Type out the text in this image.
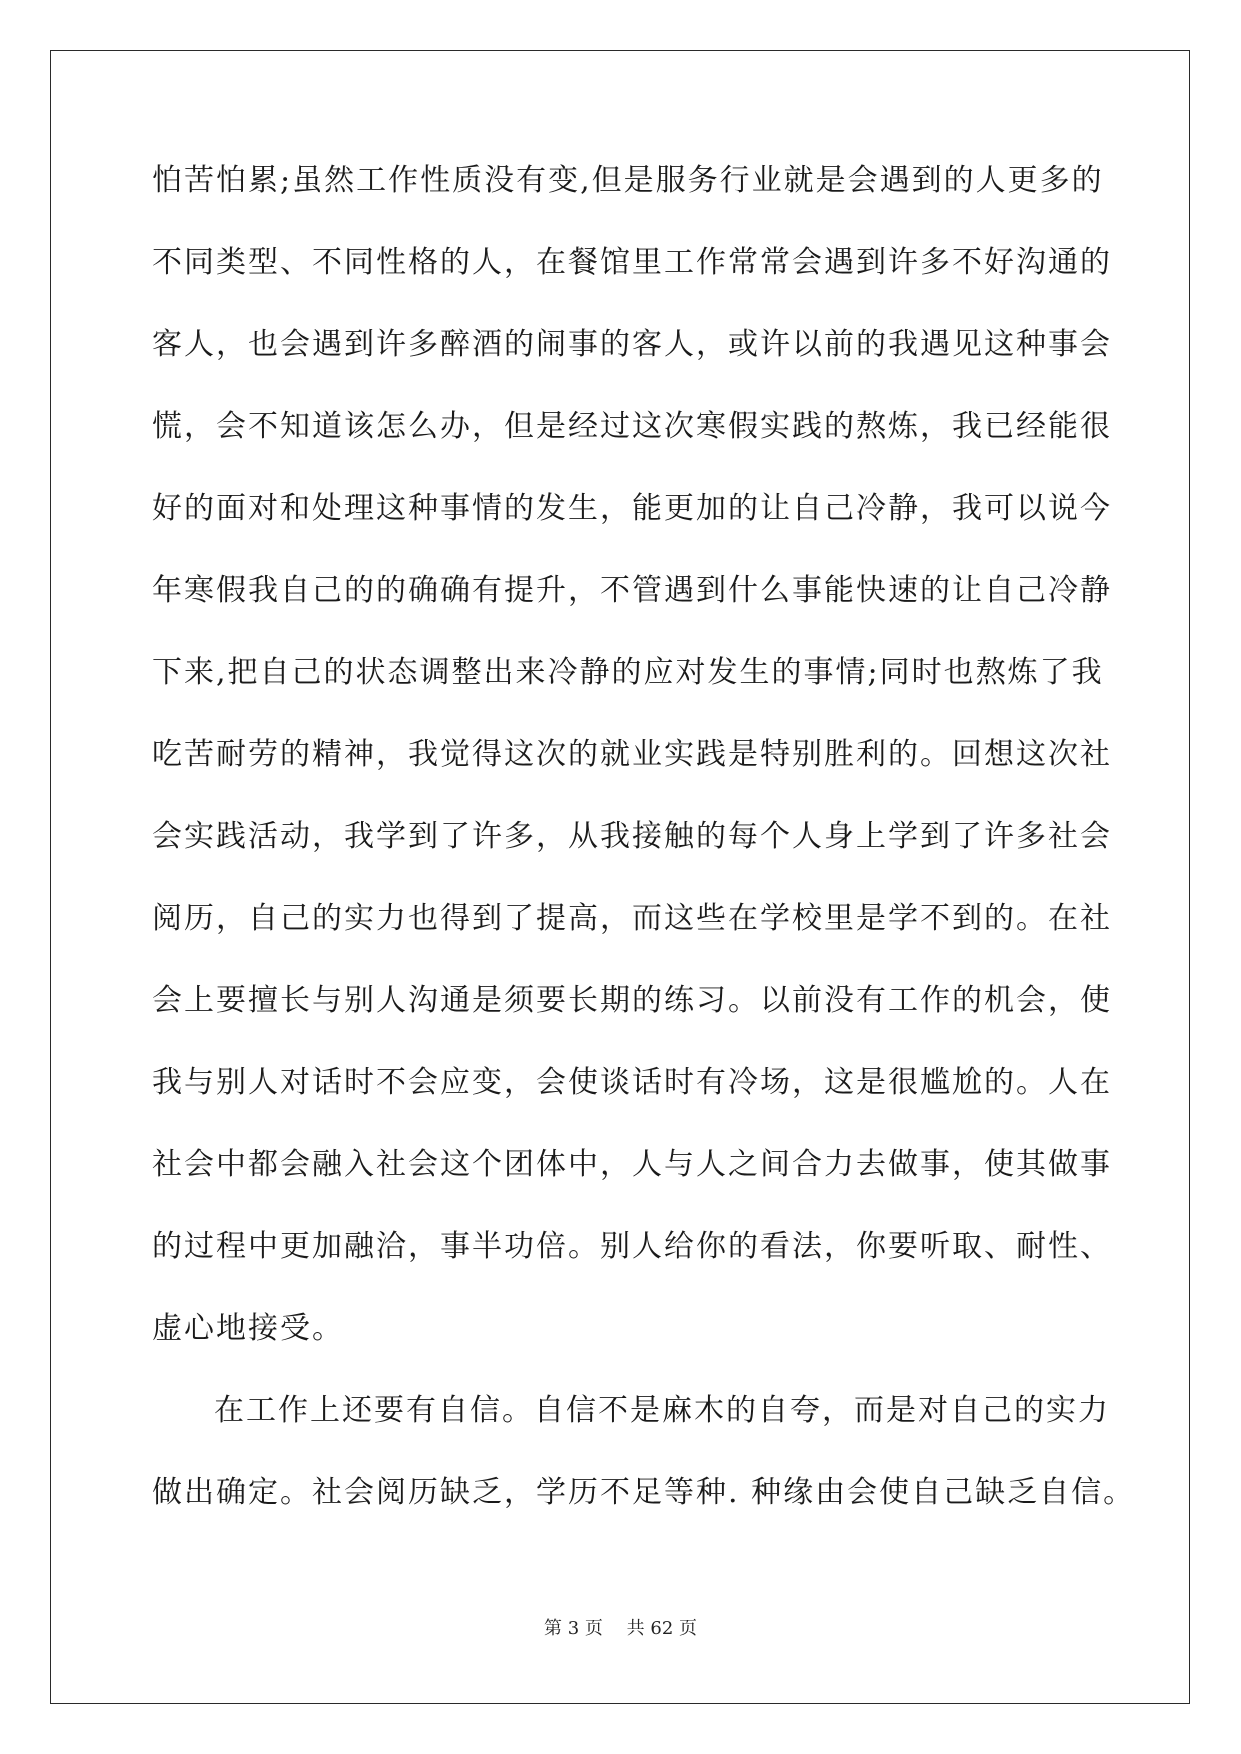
怕苦怕累;虽然工作性质没有变,但是服务行业就是会遇到的人更多的
不同类型、不同性格的人，在餐馆里工作常常会遇到许多不好沟通的
客人，也会遇到许多醉酒的闹事的客人，或许以前的我遇见这种事会
慌，会不知道该怎么办，但是经过这次寒假实践的熬炼，我已经能很
好的面对和处理这种事情的发生，能更加的让自己冷静，我可以说今
年寒假我自己的的确确有提升，不管遇到什么事能快速的让自己冷静
下来,把自己的状态调整出来冷静的应对发生的事情;同时也熬炼了我
吃苦耐劳的精神，我觉得这次的就业实践是特别胜利的。回想这次社
会实践活动，我学到了许多，从我接触的每个人身上学到了许多社会
阅历，自己的实力也得到了提高，而这些在学校里是学不到的。在社
会上要擅长与别人沟通是须要长期的练习。以前没有工作的机会，使
我与别人对话时不会应变，会使谈话时有冷场，这是很尴尬的。人在
社会中都会融入社会这个团体中，人与人之间合力去做事，使其做事
的过程中更加融洽，事半功倍。别人给你的看法，你要听取、耐性、
虚心地接受。
在工作上还要有自信。自信不是麻木的自夸，而是对自己的实力
做出确定。社会阅历缺乏，学历不足等种. 种缘由会使自己缺乏自信。
第 3 页 共 62 页
